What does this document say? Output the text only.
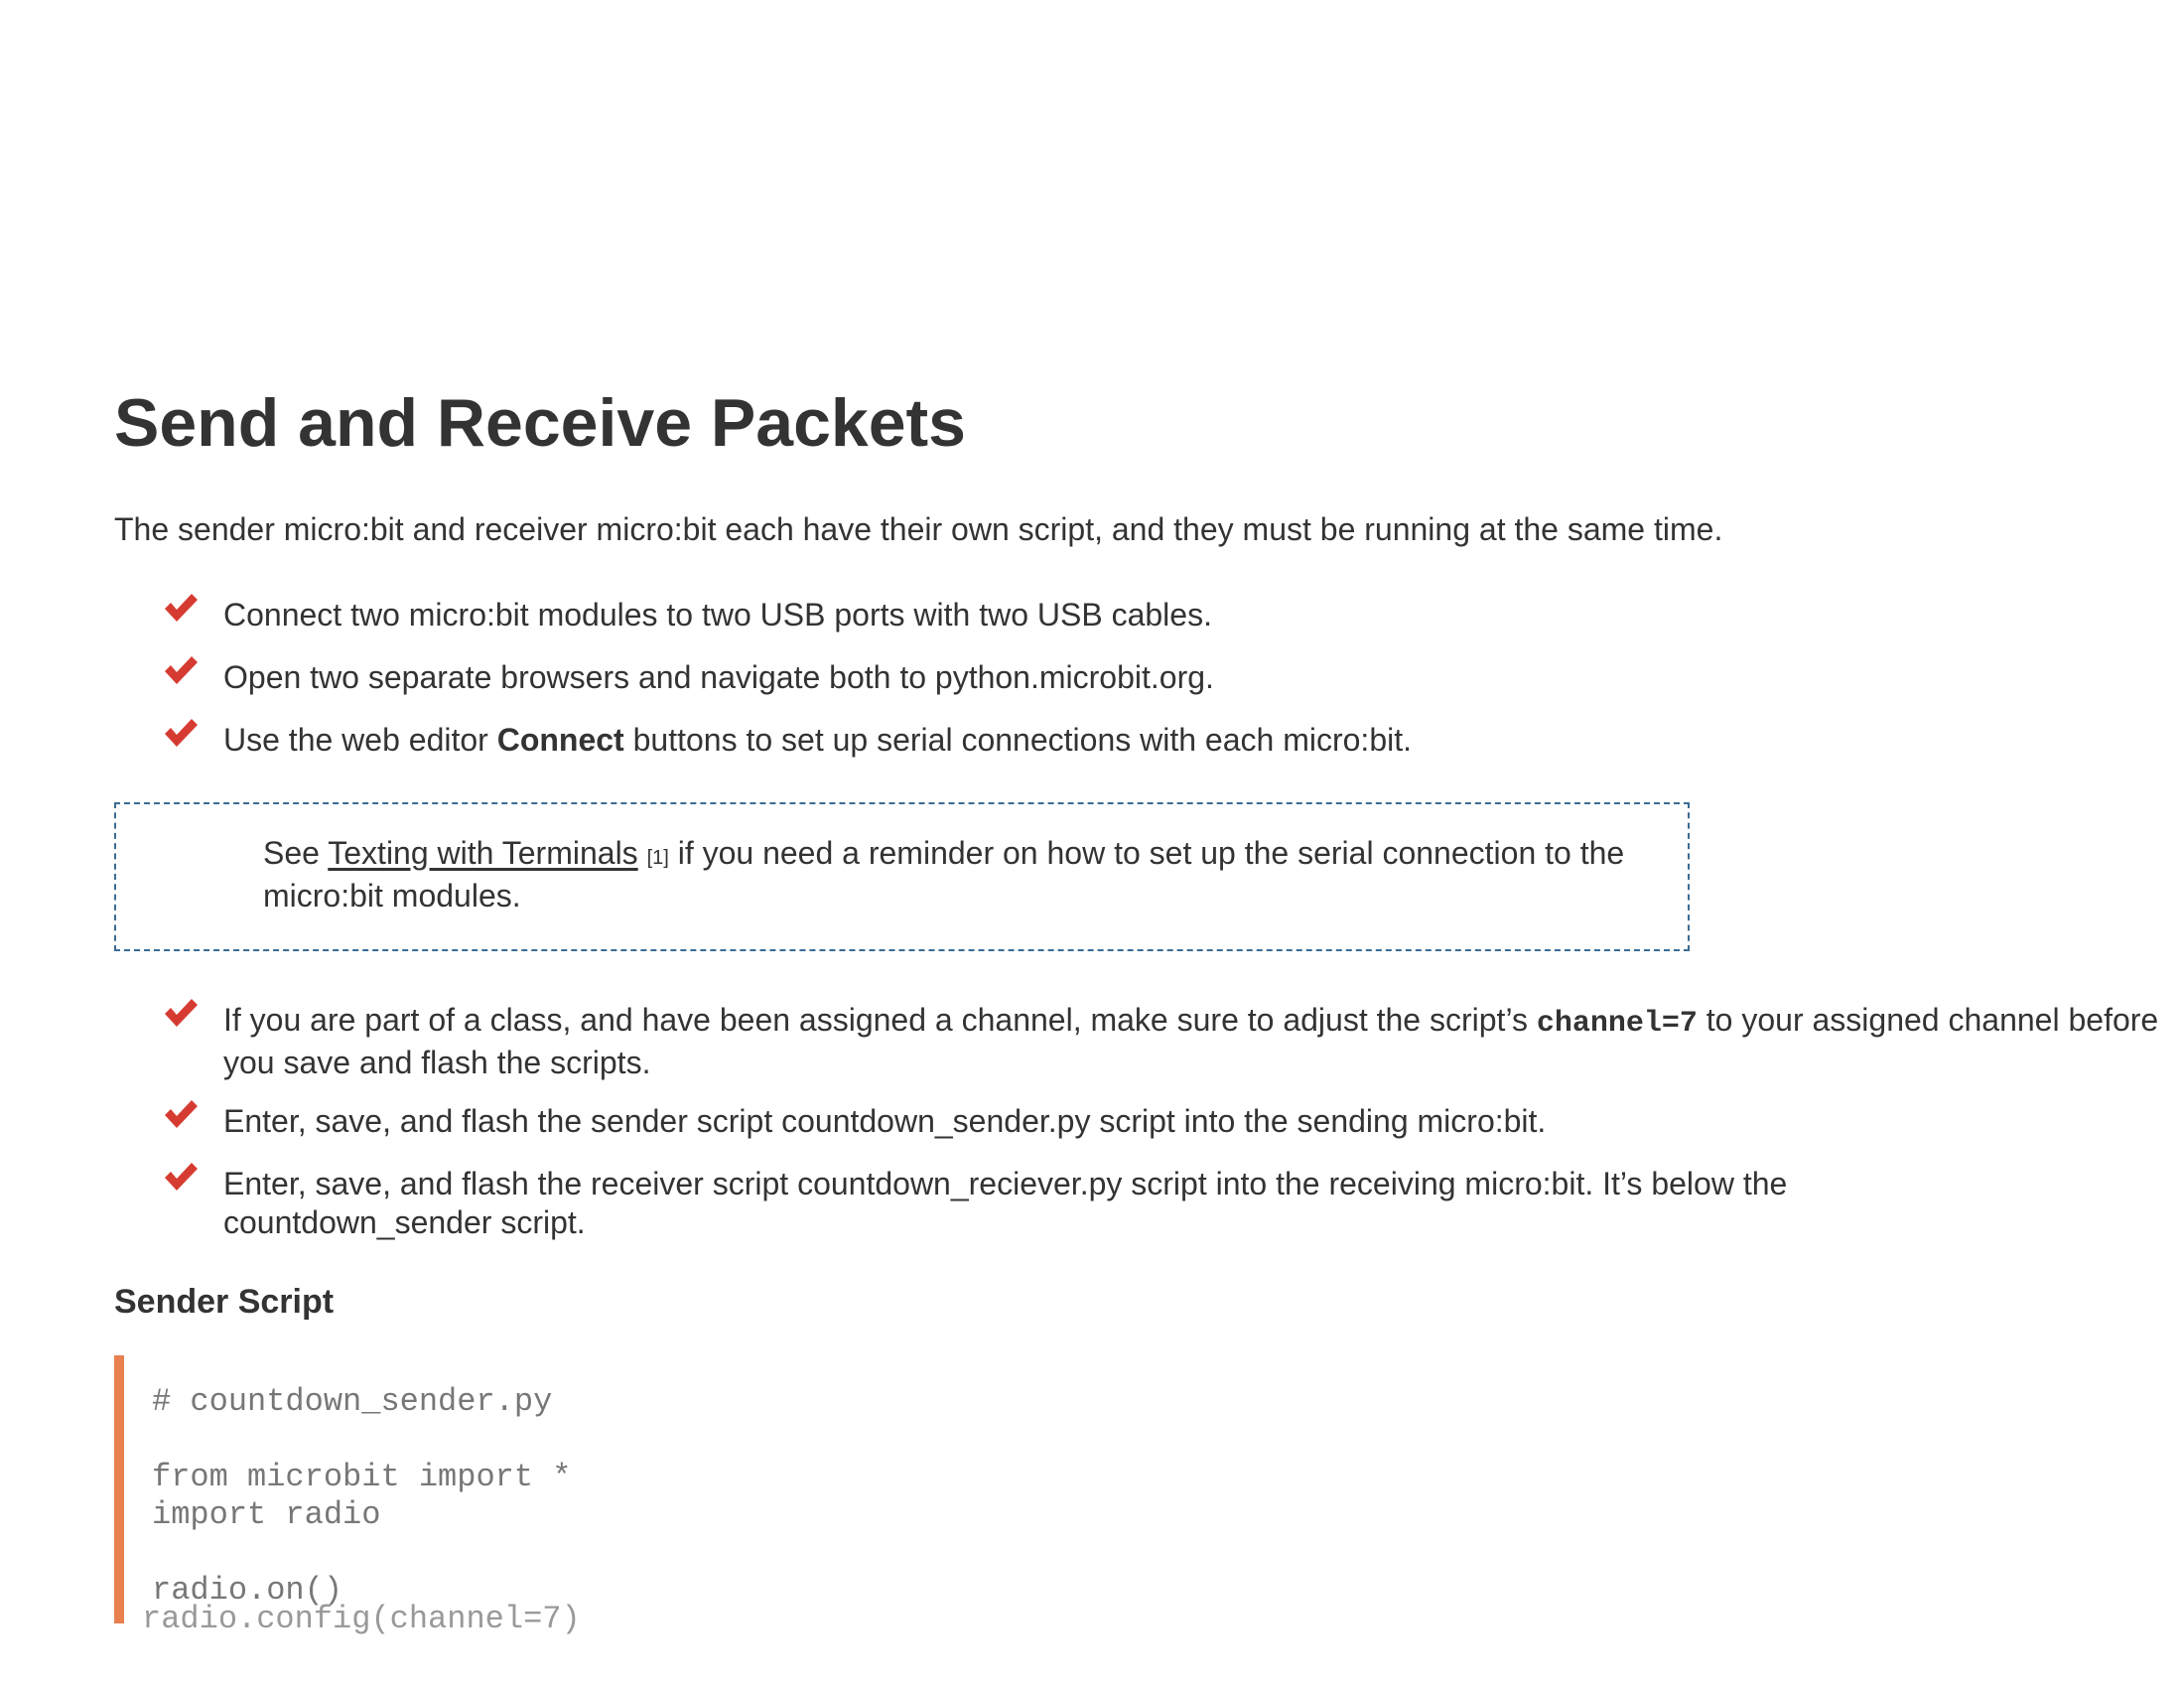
Send and Receive Packets
The sender micro:bit and receiver micro:bit each have their own script, and they must be running at the same time.
Connect two micro:bit modules to two USB ports with two USB cables.
Open two separate browsers and navigate both to python.microbit.org.
Use the web editor Connect buttons to set up serial connections with each micro:bit.
See Texting with Terminals [1] if you need a reminder on how to set up the serial connection to the micro:bit modules.
If you are part of a class, and have been assigned a channel, make sure to adjust the script’s channel=7 to your assigned channel before you save and flash the scripts.
Enter, save, and flash the sender script countdown_sender.py script into the sending micro:bit.
Enter, save, and flash the receiver script countdown_reciever.py script into the receiving micro:bit. It’s below the countdown_sender script.
Sender Script
# countdown_sender.py
from microbit import *
import radio
radio.on()
radio.config(channel=7)
